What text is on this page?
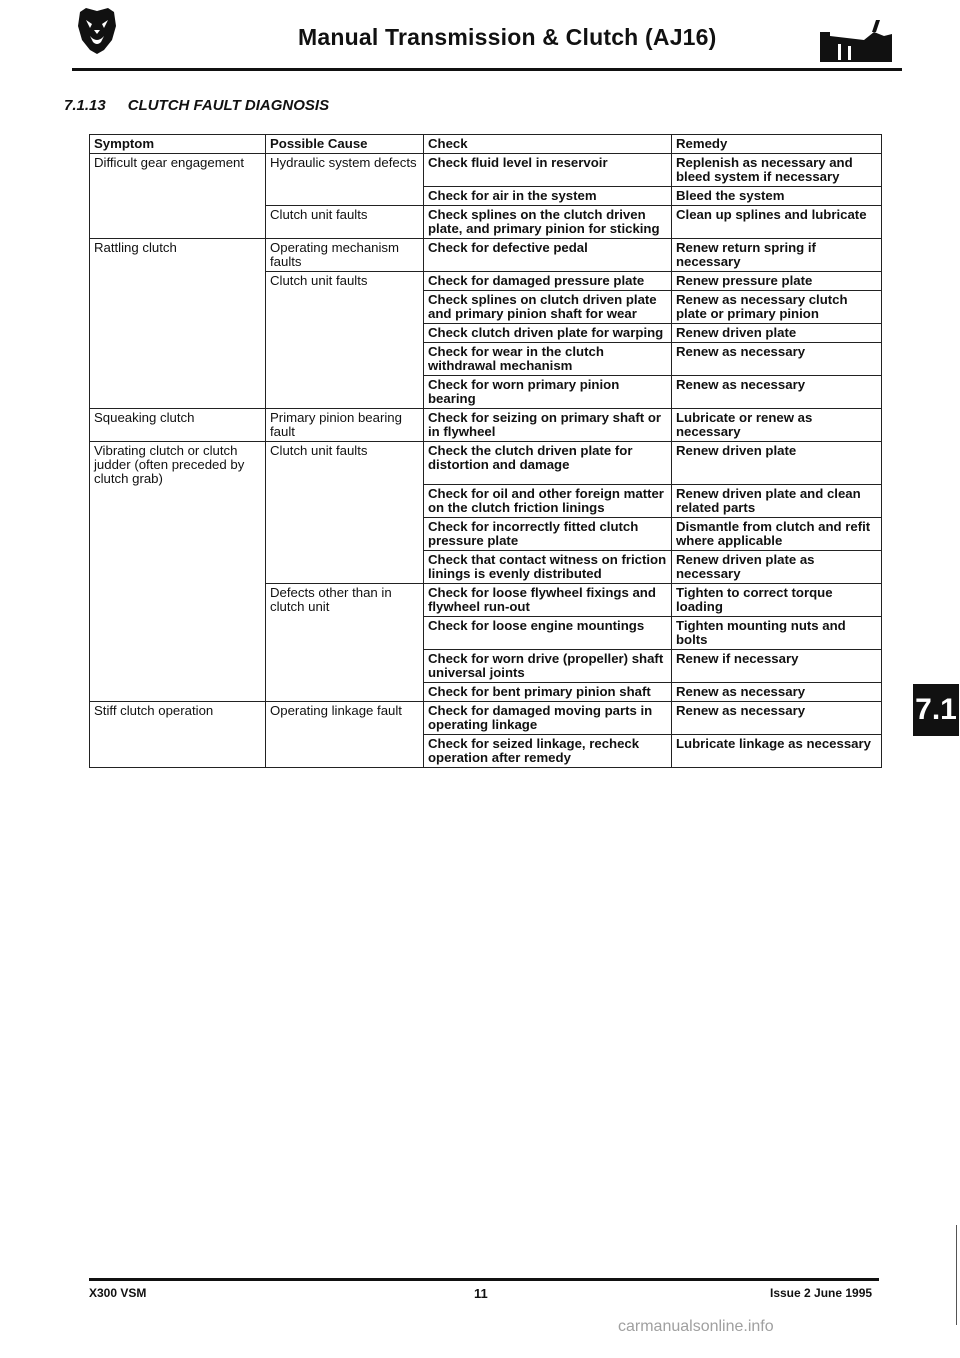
Manual Transmission & Clutch (AJ16)
7.1.13 CLUTCH FAULT DIAGNOSIS
Symptom	Possible Cause	Check	Remedy
Difficult gear engagement	Hydraulic system defects	Check fluid level in reservoir	Replenish as necessary and bleed system if necessary
		Check for air in the system	Bleed the system
	Clutch unit faults	Check splines on the clutch driven plate, and primary pinion for sticking	Clean up splines and lubricate
Rattling clutch	Operating mechanism faults	Check for defective pedal	Renew return spring if necessary
	Clutch unit faults	Check for damaged pressure plate	Renew pressure plate
		Check splines on clutch driven plate and primary pinion shaft for wear	Renew as necessary clutch plate or primary pinion
		Check clutch driven plate for warping	Renew driven plate
		Check for wear in the clutch withdrawal mechanism	Renew as necessary
		Check for worn primary pinion bearing	Renew as necessary
Squeaking clutch	Primary pinion bearing fault	Check for seizing on primary shaft or in flywheel	Lubricate or renew as necessary
Vibrating clutch or clutch judder (often preceded by clutch grab)	Clutch unit faults	Check the clutch driven plate for distortion and damage	Renew driven plate
		Check for oil and other foreign matter on the clutch friction linings	Renew driven plate and clean related parts
		Check for incorrectly fitted clutch pressure plate	Dismantle from clutch and refit where applicable
		Check that contact witness on friction linings is evenly distributed	Renew driven plate as necessary
	Defects other than in clutch unit	Check for loose flywheel fixings and flywheel run-out	Tighten to correct torque loading
		Check for loose engine mountings	Tighten mounting nuts and bolts
		Check for worn drive (propeller) shaft universal joints	Renew if necessary
		Check for bent primary pinion shaft	Renew as necessary
Stiff clutch operation	Operating linkage fault	Check for damaged moving parts in operating linkage	Renew as necessary
		Check for seized linkage, recheck operation after remedy	Lubricate linkage as necessary
7.1
X300 VSM	11	Issue 2 June 1995
carmanualsonline.info
